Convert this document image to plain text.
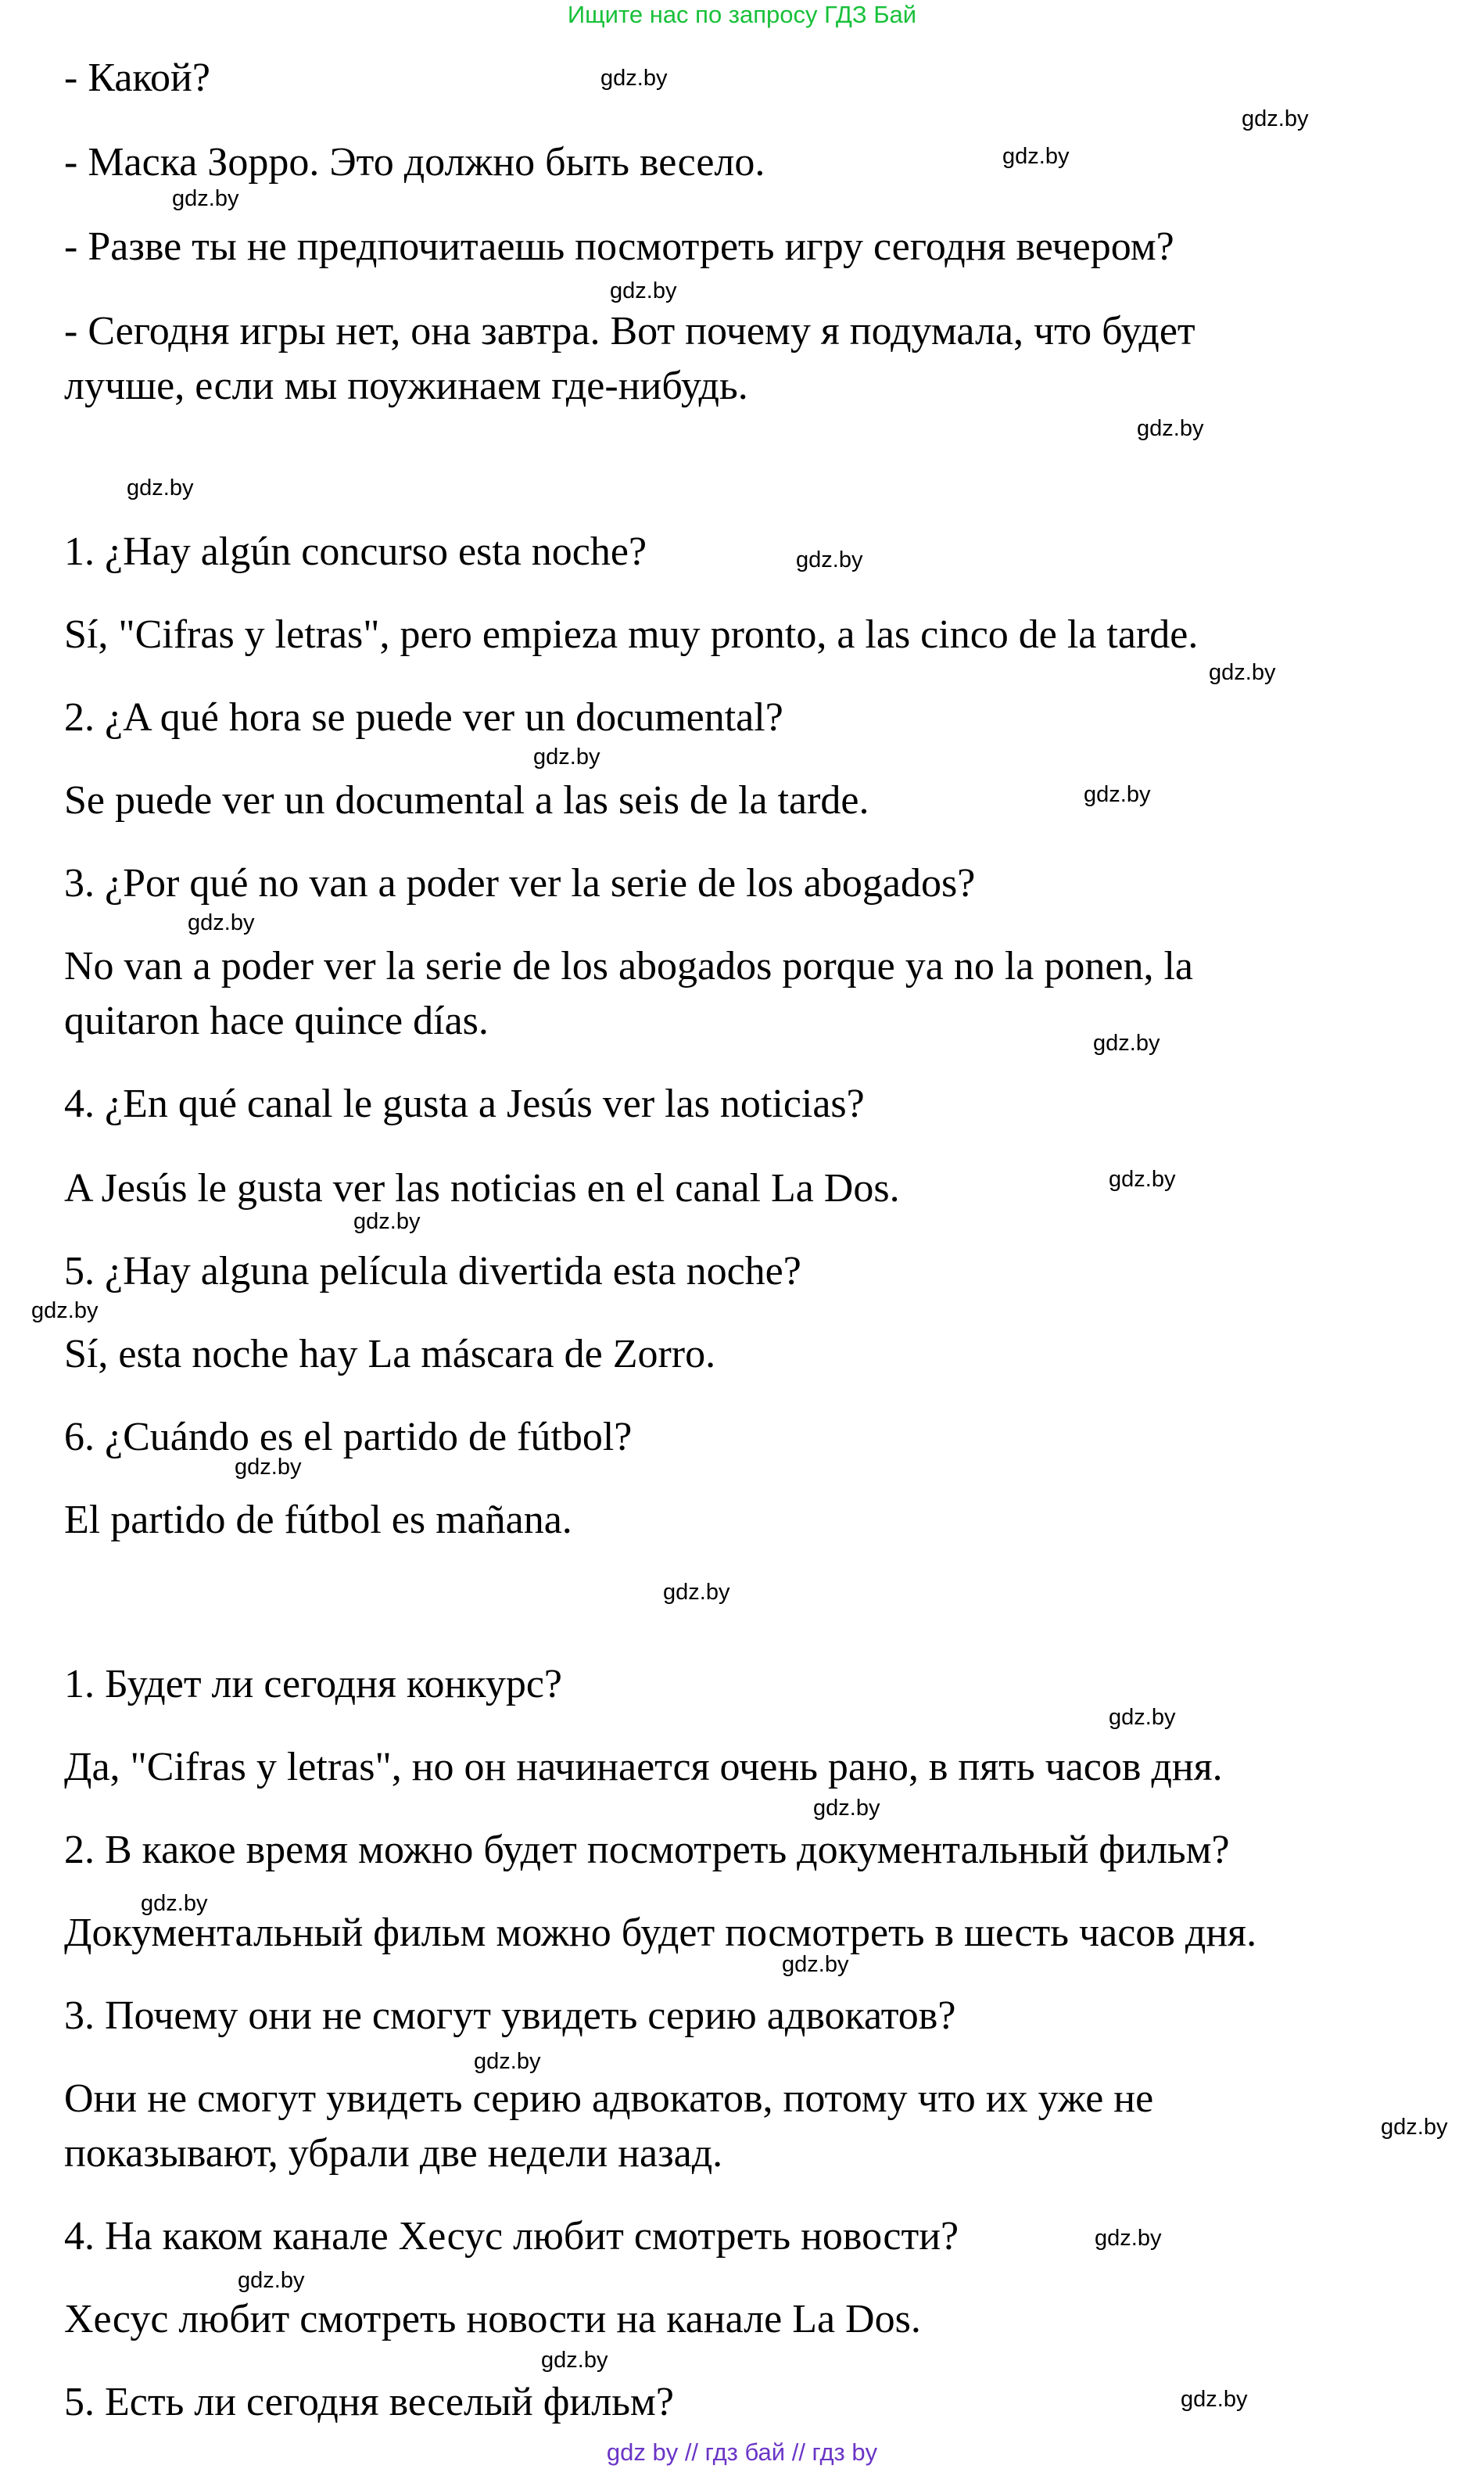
Ищите нас по запросу ГДЗ Бай
- Какой?
- Маска Зорро. Это должно быть весело.
- Разве ты не предпочитаешь посмотреть игру сегодня вечером?
- Сегодня игры нет, она завтра. Вот почему я подумала, что будет
лучше, если мы поужинаем где-нибудь.
1. ¿Hay algún concurso esta noche?
Sí, "Cifras y letras", pero empieza muy pronto, a las cinco de la tarde.
2. ¿A qué hora se puede ver un documental?
Se puede ver un documental a las seis de la tarde.
3. ¿Por qué no van a poder ver la serie de los abogados?
No van a poder ver la serie de los abogados porque ya no la ponen, la
quitaron hace quince días.
4. ¿En qué canal le gusta a Jesús ver las noticias?
A Jesús le gusta ver las noticias en el canal La Dos.
5. ¿Hay alguna película divertida esta noche?
Sí, esta noche hay La máscara de Zorro.
6. ¿Cuándo es el partido de fútbol?
El partido de fútbol es mañana.
1. Будет ли сегодня конкурс?
Да, "Cifras y letras", но он начинается очень рано, в пять часов дня.
2. В какое время можно будет посмотреть документальный фильм?
Документальный фильм можно будет посмотреть в шесть часов дня.
3. Почему они не смогут увидеть серию адвокатов?
Они не смогут увидеть серию адвокатов, потому что их уже не
показывают, убрали две недели назад.
4. На каком канале Хесус любит смотреть новости?
Хесус любит смотреть новости на канале La Dos.
5. Есть ли сегодня веселый фильм?
gdz.by
gdz.by
gdz.by
gdz.by
gdz.by
gdz.by
gdz.by
gdz.by
gdz.by
gdz.by
gdz.by
gdz.by
gdz.by
gdz.by
gdz.by
gdz.by
gdz.by
gdz.by
gdz.by
gdz.by
gdz.by
gdz.by
gdz.by
gdz.by
gdz.by
gdz.by
gdz.by
gdz.by
gdz by // гдз бай // гдз by
